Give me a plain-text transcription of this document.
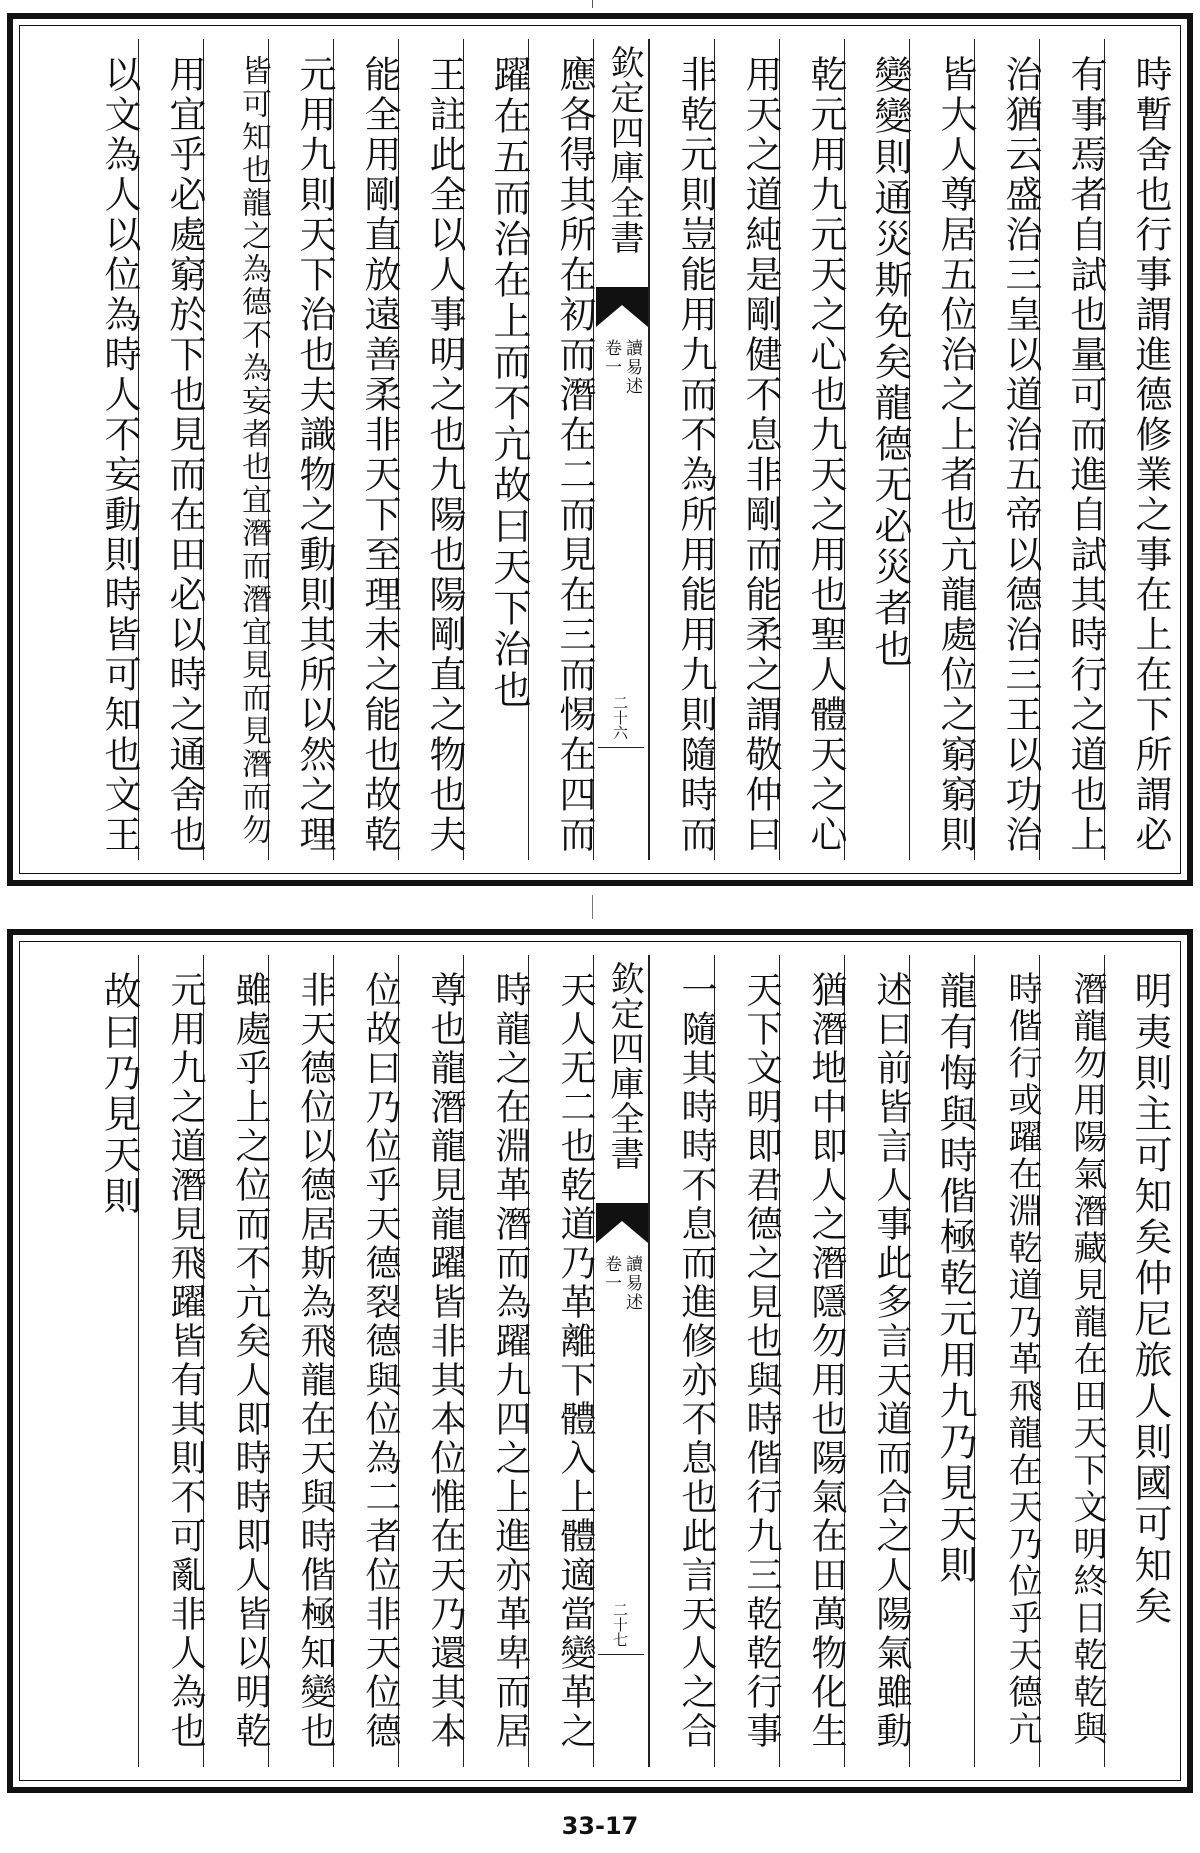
時暫舍也行事謂進德修業之事在上在下所謂必
有事焉者自試也量可而進自試其時行之道也上
治猶云盛治三皇以道治五帝以德治三王以功治
皆大人尊居五位治之上者也亢龍處位之窮窮則
變變則通災斯免矣龍德无必災者也
乾元用九元天之心也九天之用也聖人體天之心
用天之道純是剛健不息非剛而能柔之謂敬仲曰
非乾元則豈能用九而不為所用能用九則隨時而
欽定四庫全書
讀易述
卷一
二十六
應各得其所在初而潛在二而見在三而惕在四而
躍在五而治在上而不亢故曰天下治也
王註此全以人事明之也九陽也陽剛直之物也夫
能全用剛直放遠善柔非天下至理未之能也故乾
元用九則天下治也夫識物之動則其所以然之理
皆可知也龍之為德不為妄者也宜潛而潛宜見而見潛而勿
用宜乎必處窮於下也見而在田必以時之通舍也
以文為人以位為時人不妄動則時皆可知也文王
明夷則主可知矣仲尼旅人則國可知矣
潛龍勿用陽氣潛藏見龍在田天下文明終日乾乾與
時偕行或躍在淵乾道乃革飛龍在天乃位乎天德亢
龍有悔與時偕極乾元用九乃見天則
述曰前皆言人事此多言天道而合之人陽氣雖動
猶潛地中即人之潛隱勿用也陽氣在田萬物化生
天下文明即君德之見也與時偕行九三乾乾行事
一隨其時時不息而進修亦不息也此言天人之合
欽定四庫全書
讀易述
卷一
二十七
天人无二也乾道乃革離下體入上體適當變革之
時龍之在淵革潛而為躍九四之上進亦革卑而居
尊也龍潛龍見龍躍皆非其本位惟在天乃還其本
位故曰乃位乎天德裂德與位為二者位非天位德
非天德位以德居斯為飛龍在天與時偕極知變也
雖處乎上之位而不亢矣人即時時即人皆以明乾
元用九之道潛見飛躍皆有其則不可亂非人為也
故曰乃見天則
33-17
